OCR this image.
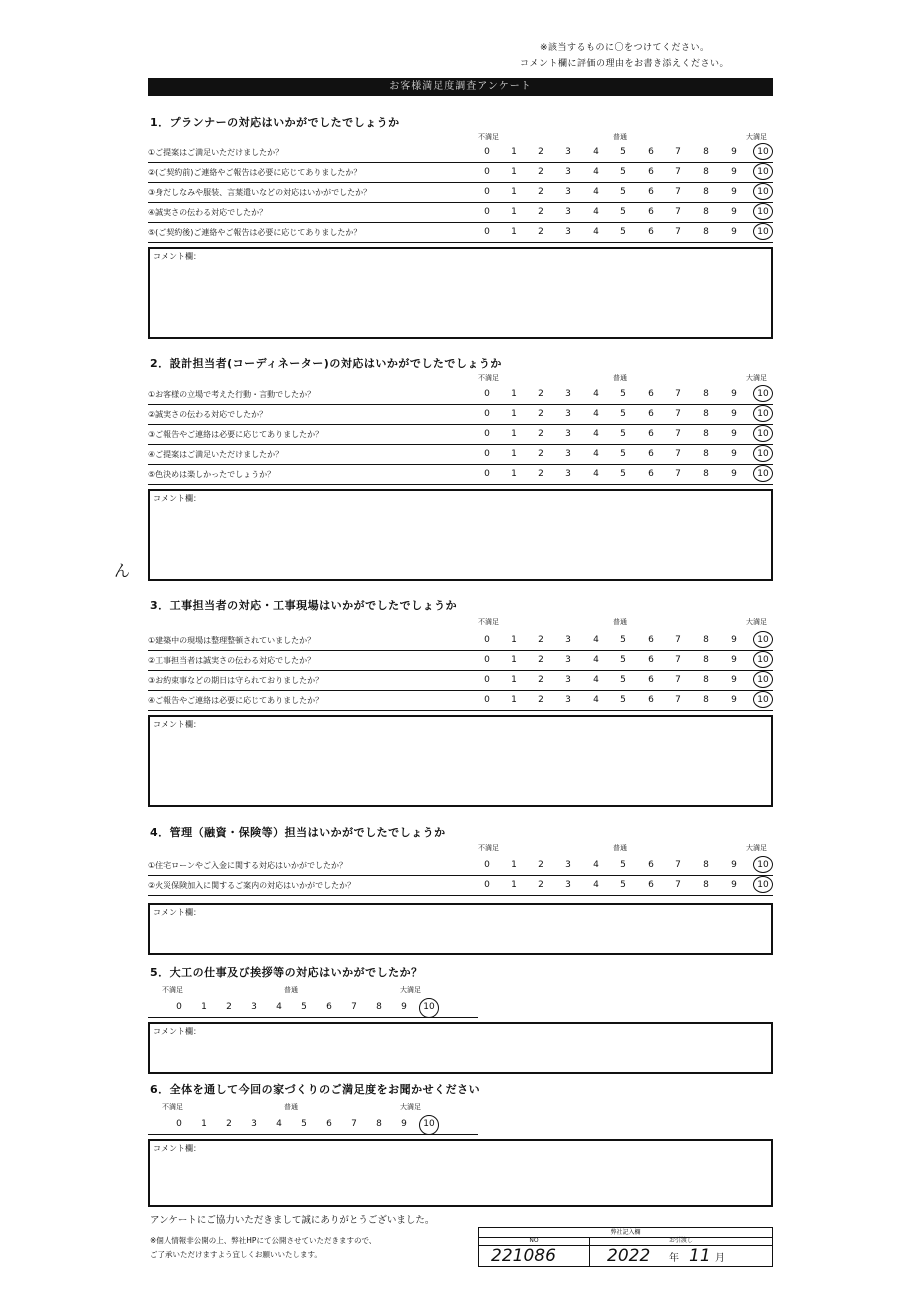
※該当するものに〇をつけてください。
コメント欄に評価の理由をお書き添えください。
お客様満足度調査アンケート
1．プランナーの対応はいかがでしたでしょうか
不満足	普通	大満足
①ご提案はご満足いただけましたか？	0	1	2	3	4	5	6	7	8	9	10
②(ご契約前)ご連絡やご報告は必要に応じてありましたか？	0	1	2	3	4	5	6	7	8	9	10
③身だしなみや服装、言葉遣いなどの対応はいかがでしたか？	0	1	2	3	4	5	6	7	8	9	10
④誠実さの伝わる対応でしたか？	0	1	2	3	4	5	6	7	8	9	10
⑤(ご契約後)ご連絡やご報告は必要に応じてありましたか？	0	1	2	3	4	5	6	7	8	9	10
コメント欄：
2．設計担当者(コーディネーター)の対応はいかがでしたでしょうか
不満足	普通	大満足
①お客様の立場で考えた行動・言動でしたか？	0	1	2	3	4	5	6	7	8	9	10
②誠実さの伝わる対応でしたか？	0	1	2	3	4	5	6	7	8	9	10
③ご報告やご連絡は必要に応じてありましたか？	0	1	2	3	4	5	6	7	8	9	10
④ご提案はご満足いただけましたか？	0	1	2	3	4	5	6	7	8	9	10
⑤色決めは楽しかったでしょうか？	0	1	2	3	4	5	6	7	8	9	10
コメント欄：
3．工事担当者の対応・工事現場はいかがでしたでしょうか
不満足	普通	大満足
①建築中の現場は整理整頓されていましたか？	0	1	2	3	4	5	6	7	8	9	10
②工事担当者は誠実さの伝わる対応でしたか？	0	1	2	3	4	5	6	7	8	9	10
③お約束事などの期日は守られておりましたか？	0	1	2	3	4	5	6	7	8	9	10
④ご報告やご連絡は必要に応じてありましたか？	0	1	2	3	4	5	6	7	8	9	10
コメント欄：
4．管理（融資・保険等）担当はいかがでしたでしょうか
不満足	普通	大満足
①住宅ローンやご入金に関する対応はいかがでしたか？	0	1	2	3	4	5	6	7	8	9	10
②火災保険加入に関するご案内の対応はいかがでしたか？	0	1	2	3	4	5	6	7	8	9	10
コメント欄：
ん
5．大工の仕事及び挨拶等の対応はいかがでしたか？
不満足	普通	大満足
0	1	2	3	4	5	6	7	8	9	10
コメント欄：
6．全体を通して今回の家づくりのご満足度をお聞かせください
不満足	普通	大満足
0	1	2	3	4	5	6	7	8	9	10
コメント欄：
アンケートにご協力いただきまして誠にありがとうございました。
※個人情報非公開の上、弊社HPにて公開させていただきますので、
ご了承いただけますよう宜しくお願いいたします。
弊社記入欄
NO	お引渡し
221086	2022 年 11 月
